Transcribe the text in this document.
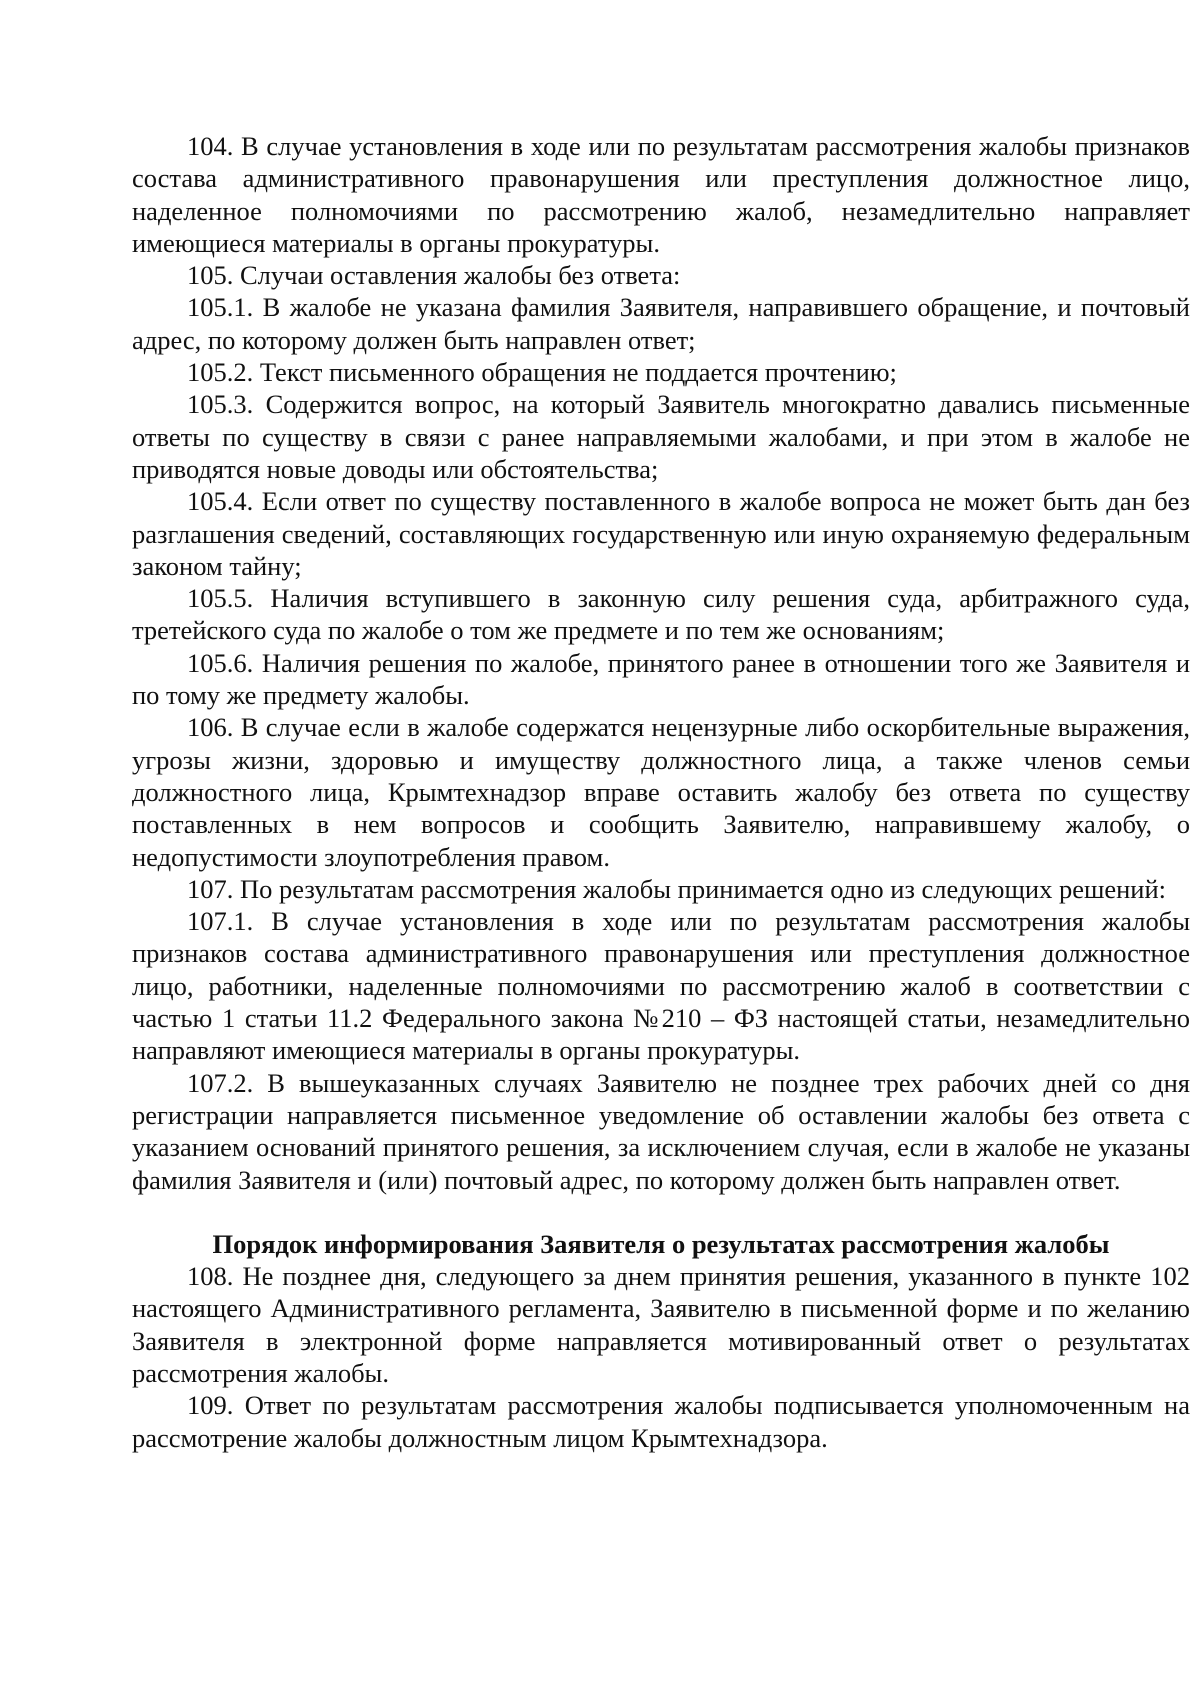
104. В случае установления в ходе или по результатам рассмотрения жалобы признаков состава административного правонарушения или преступления должностное лицо, наделенное полномочиями по рассмотрению жалоб, незамедлительно направляет имеющиеся материалы в органы прокуратуры.

105. Случаи оставления жалобы без ответа:

105.1. В жалобе не указана фамилия Заявителя, направившего обращение, и почтовый адрес, по которому должен быть направлен ответ;

105.2. Текст письменного обращения не поддается прочтению;

105.3. Содержится вопрос, на который Заявитель многократно давались письменные ответы по существу в связи с ранее направляемыми жалобами, и при этом в жалобе не приводятся новые доводы или обстоятельства;

105.4. Если ответ по существу поставленного в жалобе вопроса не может быть дан без разглашения сведений, составляющих государственную или иную охраняемую федеральным законом тайну;

105.5. Наличия вступившего в законную силу решения суда, арбитражного суда, третейского суда по жалобе о том же предмете и по тем же основаниям;

105.6. Наличия решения по жалобе, принятого ранее в отношении того же Заявителя и по тому же предмету жалобы.

106. В случае если в жалобе содержатся нецензурные либо оскорбительные выражения, угрозы жизни, здоровью и имуществу должностного лица, а также членов семьи должностного лица, Крымтехнадзор вправе оставить жалобу без ответа по существу поставленных в нем вопросов и сообщить Заявителю, направившему жалобу, о недопустимости злоупотребления правом.

107. По результатам рассмотрения жалобы принимается одно из следующих решений:

107.1. В случае установления в ходе или по результатам рассмотрения жалобы признаков состава административного правонарушения или преступления должностное лицо, работники, наделенные полномочиями по рассмотрению жалоб в соответствии с частью 1 статьи 11.2 Федерального закона №210 – ФЗ настоящей статьи, незамедлительно направляют имеющиеся материалы в органы прокуратуры.

107.2. В вышеуказанных случаях Заявителю не позднее трех рабочих дней со дня регистрации направляется письменное уведомление об оставлении жалобы без ответа с указанием оснований принятого решения, за исключением случая, если в жалобе не указаны фамилия Заявителя и (или) почтовый адрес, по которому должен быть направлен ответ.

Порядок информирования Заявителя о результатах рассмотрения жалобы

108. Не позднее дня, следующего за днем принятия решения, указанного в пункте 102 настоящего Административного регламента, Заявителю в письменной форме и по желанию Заявителя в электронной форме направляется мотивированный ответ о результатах рассмотрения жалобы.

109. Ответ по результатам рассмотрения жалобы подписывается уполномоченным на рассмотрение жалобы должностным лицом Крымтехнадзора.
